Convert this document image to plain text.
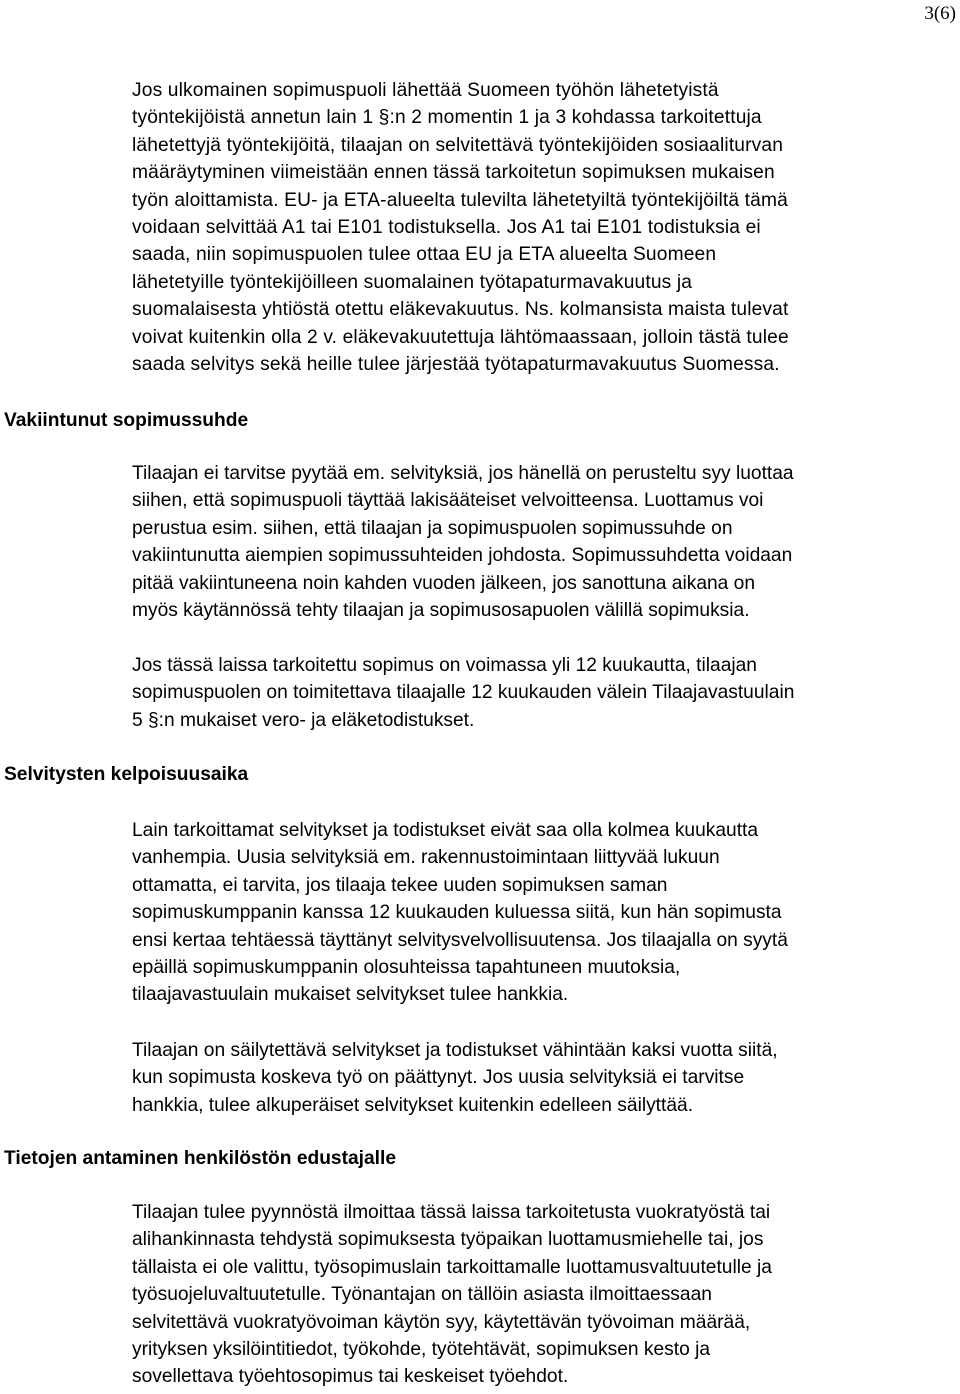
3(6)
Jos ulkomainen sopimuspuoli lähettää Suomeen työhön lähetetyistä
työntekijöistä annetun lain 1 §:n 2 momentin 1 ja 3 kohdassa tarkoitettuja
lähetettyjä työntekijöitä, tilaajan on selvitettävä työntekijöiden sosiaaliturvan
määräytyminen viimeistään ennen tässä tarkoitetun sopimuksen mukaisen
työn aloittamista. EU- ja ETA-alueelta tulevilta lähetetyiltä työntekijöiltä tämä
voidaan selvittää A1 tai E101 todistuksella. Jos A1 tai E101 todistuksia ei
saada, niin sopimuspuolen tulee ottaa EU ja ETA alueelta Suomeen
lähetetyille työntekijöilleen suomalainen työtapaturmavakuutus ja
suomalaisesta yhtiöstä otettu eläkevakuutus. Ns. kolmansista maista tulevat
voivat kuitenkin olla 2 v. eläkevakuutettuja lähtömaassaan, jolloin tästä tulee
saada selvitys sekä heille tulee järjestää työtapaturmavakuutus Suomessa.
Vakiintunut sopimussuhde
Tilaajan ei tarvitse pyytää em. selvityksiä, jos hänellä on perusteltu syy luottaa
siihen, että sopimuspuoli täyttää lakisääteiset velvoitteensa. Luottamus voi
perustua esim. siihen, että tilaajan ja sopimuspuolen sopimussuhde on
vakiintunutta aiempien sopimussuhteiden johdosta. Sopimussuhdetta voidaan
pitää vakiintuneena noin kahden vuoden jälkeen, jos sanottuna aikana on
myös käytännössä tehty tilaajan ja sopimusosapuolen välillä sopimuksia.
Jos tässä laissa tarkoitettu sopimus on voimassa yli 12 kuukautta, tilaajan
sopimuspuolen on toimitettava tilaajalle 12 kuukauden välein Tilaajavastuulain
5 §:n mukaiset vero- ja eläketodistukset.
Selvitysten kelpoisuusaika
Lain tarkoittamat selvitykset ja todistukset eivät saa olla kolmea kuukautta
vanhempia. Uusia selvityksiä em. rakennustoimintaan liittyvää lukuun
ottamatta, ei tarvita, jos tilaaja tekee uuden sopimuksen saman
sopimuskumppanin kanssa 12 kuukauden kuluessa siitä, kun hän sopimusta
ensi kertaa tehtäessä täyttänyt selvitysvelvollisuutensa. Jos tilaajalla on syytä
epäillä sopimuskumppanin olosuhteissa tapahtuneen muutoksia,
tilaajavastuulain mukaiset selvitykset tulee hankkia.
Tilaajan on säilytettävä selvitykset ja todistukset vähintään kaksi vuotta siitä,
kun sopimusta koskeva työ on päättynyt. Jos uusia selvityksiä ei tarvitse
hankkia, tulee alkuperäiset selvitykset kuitenkin edelleen säilyttää.
Tietojen antaminen henkilöstön edustajalle
Tilaajan tulee pyynnöstä ilmoittaa tässä laissa tarkoitetusta vuokratyöstä tai
alihankinnasta tehdystä sopimuksesta työpaikan luottamusmiehelle tai, jos
tällaista ei ole valittu, työsopimuslain tarkoittamalle luottamusvaltuutetulle ja
työsuojeluvaltuutetulle. Työnantajan on tällöin asiasta ilmoittaessaan
selvitettävä vuokratyövoiman käytön syy, käytettävän työvoiman määrää,
yrityksen yksilöintitiedot, työkohde, työtehtävät, sopimuksen kesto ja
sovellettava työehtosopimus tai keskeiset työehdot.
